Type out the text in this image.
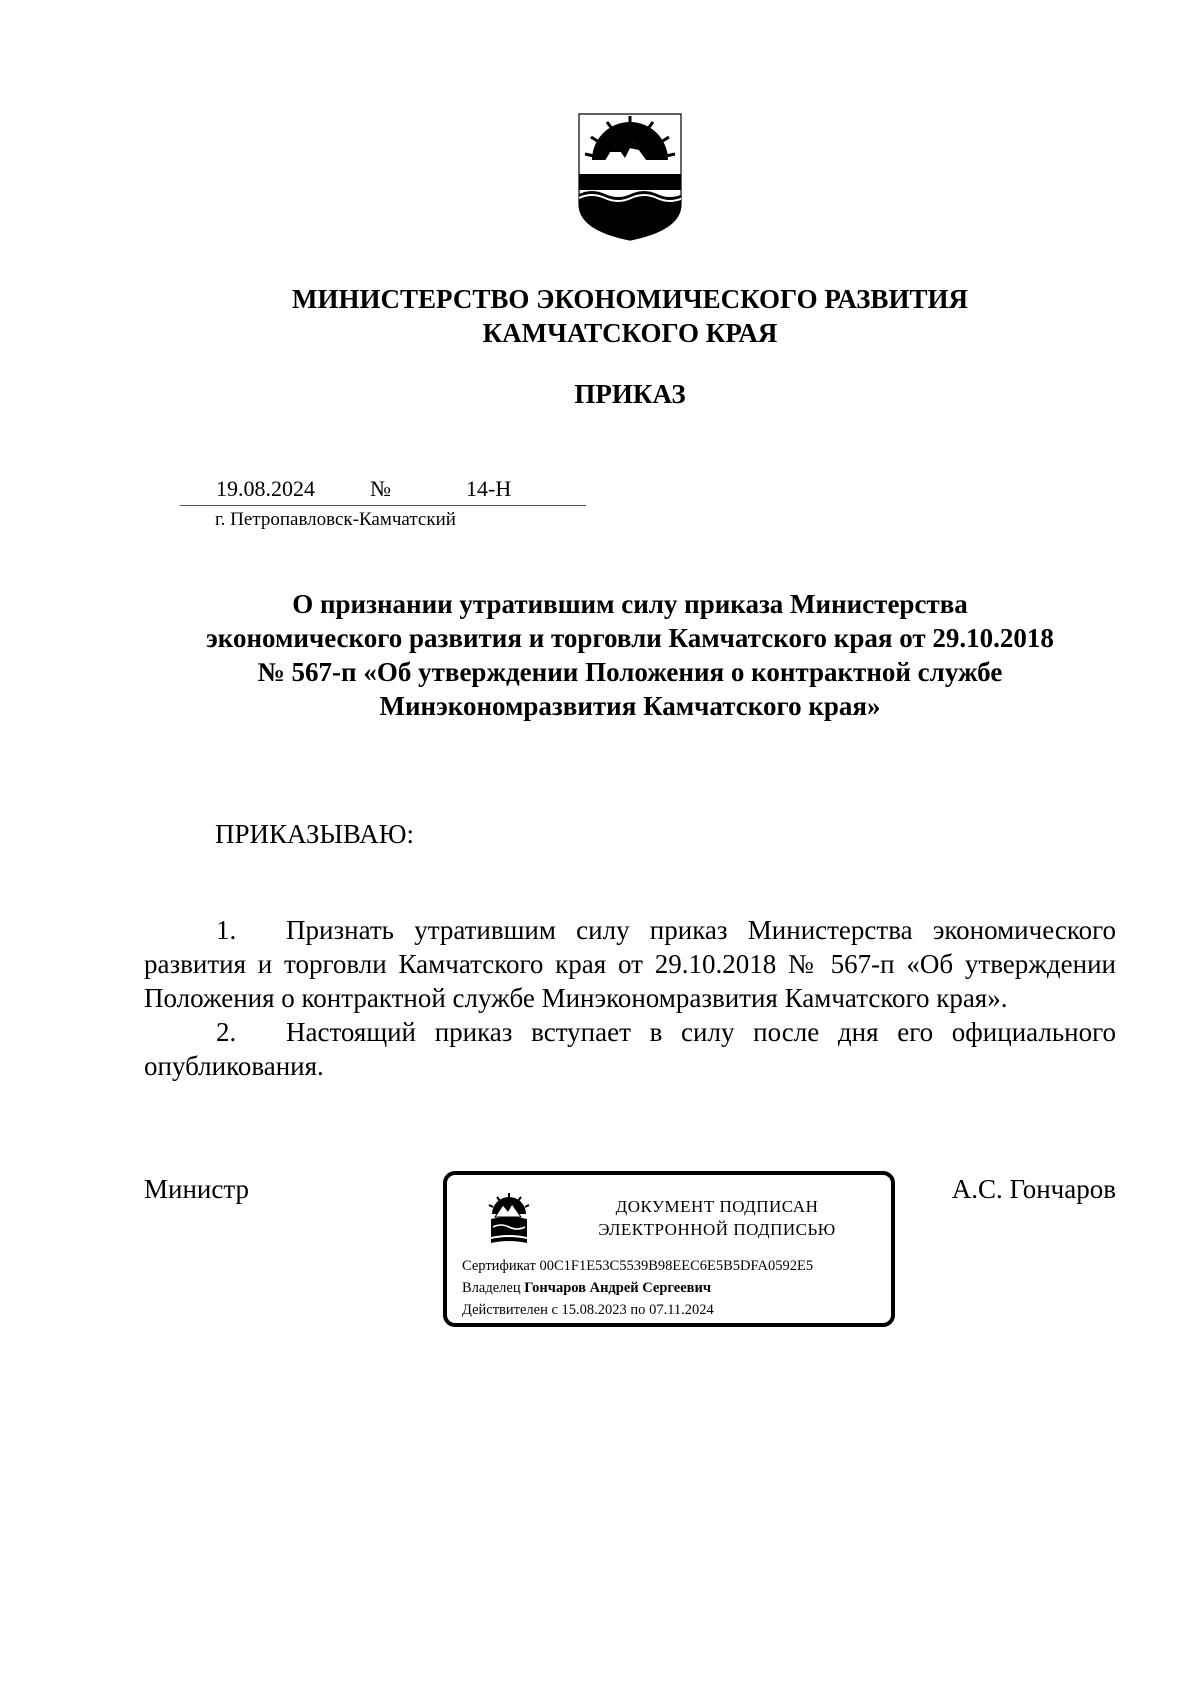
МИНИСТЕРСТВО ЭКОНОМИЧЕСКОГО РАЗВИТИЯ
КАМЧАТСКОГО КРАЯ
ПРИКАЗ
19.08.2024	№	14-Н
г. Петропавловск-Камчатский
О признании утратившим силу приказа Министерства
экономического развития и торговли Камчатского края от 29.10.2018
№ 567-п «Об утверждении Положения о контрактной службе
Минэкономразвития Камчатского края»
ПРИКАЗЫВАЮ:

1. Признать утратившим силу приказ Министерства экономического развития и торговли Камчатского края от 29.10.2018 № 567-п «Об утверждении Положения о контрактной службе Минэкономразвития Камчатского края».

2. Настоящий приказ вступает в силу после дня его официального опубликования.

Министр	А.С. Гончаров
ДОКУМЕНТ ПОДПИСАН
ЭЛЕКТРОННОЙ ПОДПИСЬЮ
Сертификат 00C1F1E53C5539B98EEC6E5B5DFA0592E5
Владелец Гончаров Андрей Сергеевич
Действителен с 15.08.2023 по 07.11.2024
